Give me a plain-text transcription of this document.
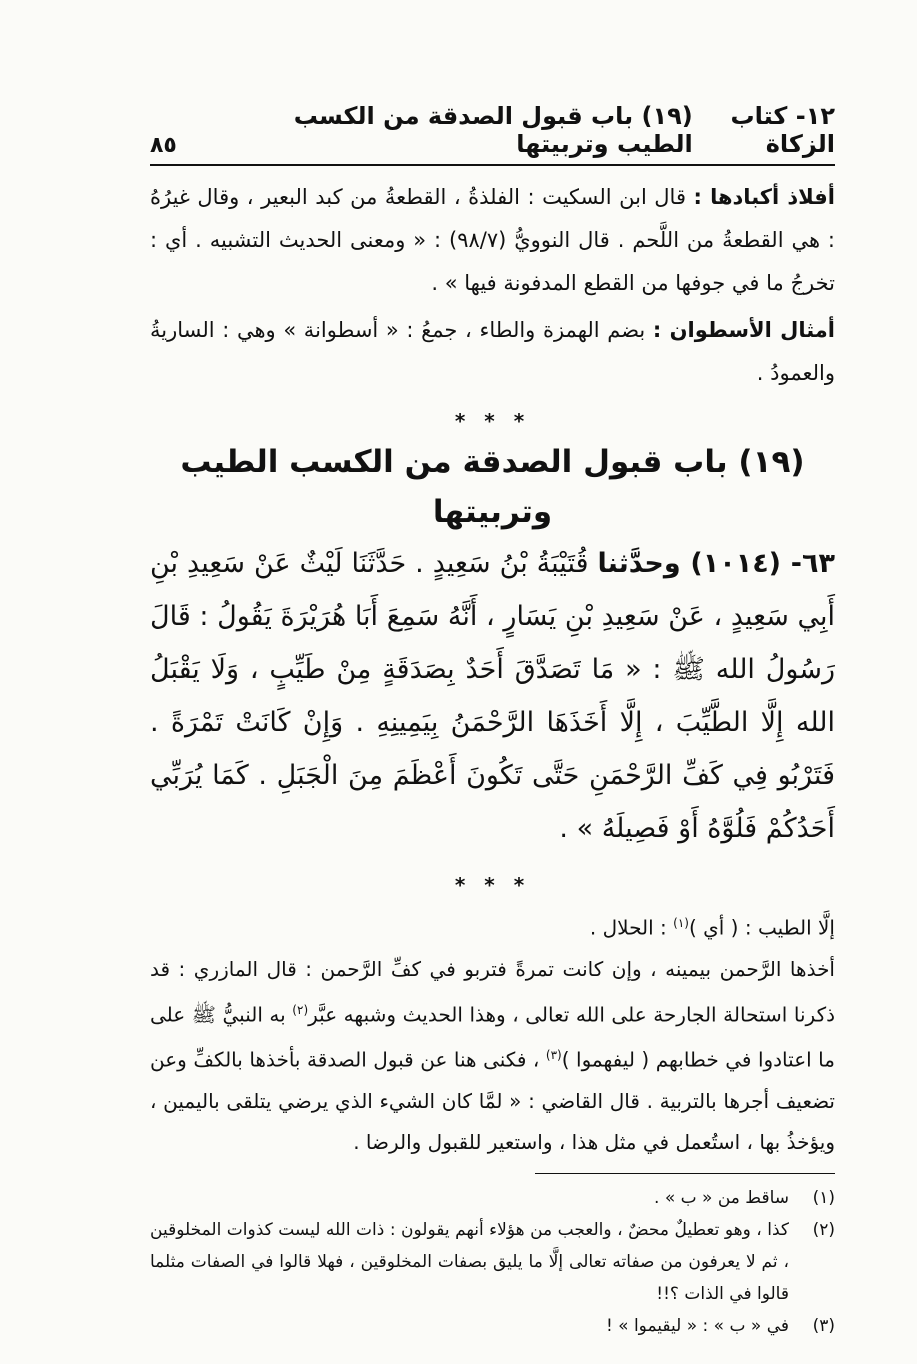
١٢- كتاب الزكاة
(١٩) باب قبول الصدقة من الكسب الطيب وتربيتها
٨٥

أفلاذ أكبادها : قال ابن السكيت : الفلذةُ ، القطعةُ من كبد البعير ، وقال غيرُهُ : هي القطعةُ من اللَّحم . قال النوويُّ (٩٨/٧) : « ومعنى الحديث التشبيه . أي : تخرجُ ما في جوفها من القطع المدفونة فيها » .

أمثال الأسطوان : بضم الهمزة والطاء ، جمعُ : « أسطوانة » وهي : الساريةُ والعمودُ .

* * *
(١٩) باب قبول الصدقة من الكسب الطيب وتربيتها

٦٣- (١٠١٤) وحدَّثنا قُتَيْبَةُ بْنُ سَعِيدٍ . حَدَّثَنَا لَيْثٌ عَنْ سَعِيدِ بْنِ أَبِي سَعِيدٍ ، عَنْ سَعِيدِ بْنِ يَسَارٍ ، أَنَّهُ سَمِعَ أَبَا هُرَيْرَةَ يَقُولُ : قَالَ رَسُولُ الله ﷺ : « مَا تَصَدَّقَ أَحَدٌ بِصَدَقَةٍ مِنْ طَيِّبٍ ، وَلَا يَقْبَلُ الله إِلَّا الطَّيِّبَ ، إِلَّا أَخَذَهَا الرَّحْمَنُ بِيَمِينِهِ . وَإِنْ كَانَتْ تَمْرَةً . فَتَرْبُو فِي كَفِّ الرَّحْمَنِ حَتَّى تَكُونَ أَعْظَمَ مِنَ الْجَبَلِ . كَمَا يُرَبِّي أَحَدُكُمْ فَلُوَّهُ أَوْ فَصِيلَهُ » .

* * *

إلَّا الطيب : ( أي )$^{(١)}$ : الحلال .

أخذها الرَّحمن بيمينه ، وإن كانت تمرةً فتربو في كفِّ الرَّحمن : قال المازري : قد ذكرنا استحالة الجارحة على الله تعالى ، وهذا الحديث وشبهه عبَّر$^{(٢)}$ به النبيُّ ﷺ على ما اعتادوا في خطابهم ( ليفهموا )$^{(٣)}$ ، فكنى هنا عن قبول الصدقة بأخذها بالكفِّ وعن تضعيف أجرها بالتربية . قال القاضي : « لمَّا كان الشيء الذي يرضي يتلقى باليمين ، ويؤخذُ بها ، استُعمل في مثل هذا ، واستعير للقبول والرضا .

(١)
ساقط من « ب » .
(٢)
كذا ، وهو تعطيلٌ محضٌ ، والعجب من هؤلاء أنهم يقولون : ذات الله ليست كذوات المخلوقين ، ثم لا يعرفون من صفاته تعالى إلَّا ما يليق بصفات المخلوقين ، فهلا قالوا في الصفات مثلما قالوا في الذات ؟!!
(٣)
في « ب » : « ليقيموا » !
